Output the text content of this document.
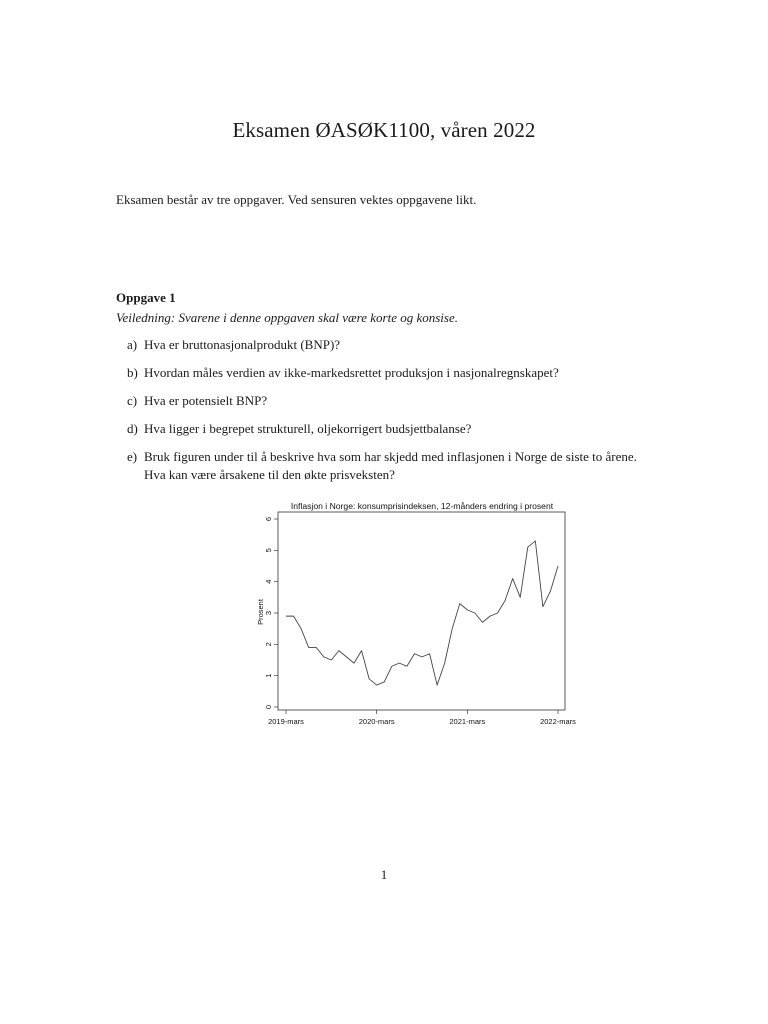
Eksamen ØASØK1100, våren 2022
Eksamen består av tre oppgaver. Ved sensuren vektes oppgavene likt.
Oppgave 1
Veiledning: Svarene i denne oppgaven skal være korte og konsise.
a) Hva er bruttonasjonalprodukt (BNP)?
b) Hvordan måles verdien av ikke-markedsrettet produksjon i nasjonalregnskapet?
c) Hva er potensielt BNP?
d) Hva ligger i begrepet strukturell, oljekorrigert budsjettbalanse?
e) Bruk figuren under til å beskrive hva som har skjedd med inflasjonen i Norge de siste to årene.
Hva kan være årsakene til den økte prisveksten?
Inflasjon i Norge: konsumprisindeksen, 12-månders endring i prosent
Prosent
0
1
2
3
4
5
6
2019-mars	2020-mars	2021-mars	2022-mars
1
